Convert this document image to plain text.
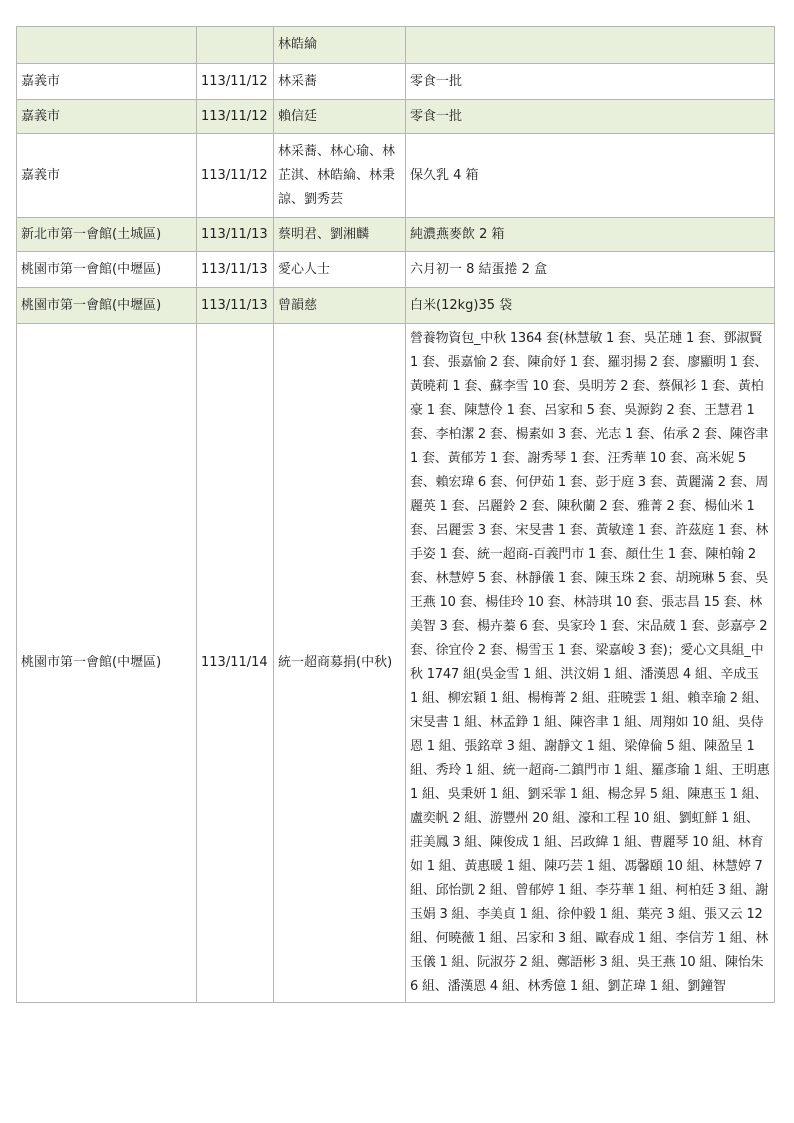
		林皓綸	
嘉義市	113/11/12	林采蕎	零食一批
嘉義市	113/11/12	賴信廷	零食一批
嘉義市	113/11/12	林采蕎、林心瑜、林芷淇、林皓綸、林秉諒、劉秀芸	保久乳 4 箱
新北市第一會館(土城區)	113/11/13	蔡明君、劉湘麟	純濃燕麥飲 2 箱
桃園市第一會館(中壢區)	113/11/13	愛心人士	六月初一 8 結蛋捲 2 盒
桃園市第一會館(中壢區)	113/11/13	曾韻慈	白米(12kg)35 袋
桃園市第一會館(中壢區)	113/11/14	統一超商募捐(中秋)	營養物資包_中秋 1364 套(林慧敏 1 套、吳芷璉 1 套、鄧淑賢 1 套、張嘉愉 2 套、陳俞妤 1 套、羅羽揚 2 套、廖顯明 1 套、黃曉莉 1 套、蘇李雪 10 套、吳明芳 2 套、蔡佩衫 1 套、黃柏豪 1 套、陳慧伶 1 套、呂家和 5 套、吳源鈞 2 套、王慧君 1 套、李柏潔 2 套、楊素如 3 套、光志 1 套、佑承 2 套、陳咨聿 1 套、黃郁芳 1 套、謝秀琴 1 套、汪秀華 10 套、高米妮 5 套、賴宏瑋 6 套、何伊茹 1 套、彭于庭 3 套、黃麗滿 2 套、周麗英 1 套、呂麗鈴 2 套、陳秋蘭 2 套、雅菁 2 套、楊仙米 1 套、呂麗雲 3 套、宋旻書 1 套、黃敏達 1 套、許茲庭 1 套、林手姿 1 套、統一超商-百義門市 1 套、顏仕生 1 套、陳柏翰 2 套、林慧婷 5 套、林靜儀 1 套、陳玉珠 2 套、胡琬琳 5 套、吳王燕 10 套、楊佳玲 10 套、林詩琪 10 套、張志昌 15 套、林美智 3 套、楊卉蓁 6 套、吳家玲 1 套、宋品葳 1 套、彭嘉亭 2 套、徐宜伶 2 套、楊雪玉 1 套、梁嘉峻 3 套)；愛心文具組_中秋 1747 組(吳金雪 1 組、洪汶娟 1 組、潘漢恩 4 組、辛成玉 1 組、柳宏穎 1 組、楊梅菁 2 組、莊曉雲 1 組、賴幸瑜 2 組、宋旻書 1 組、林孟錚 1 組、陳咨聿 1 組、周翔如 10 組、吳侍恩 1 組、張銘章 3 組、謝靜文 1 組、梁偉倫 5 組、陳盈呈 1 組、秀玲 1 組、統一超商-二鎮門市 1 組、羅彥瑜 1 組、王明惠 1 組、吳秉妍 1 組、劉采霏 1 組、楊念昇 5 組、陳惠玉 1 組、盧奕帆 2 組、游豐州 20 組、濠和工程 10 組、劉虹鮮 1 組、莊美鳳 3 組、陳俊成 1 組、呂政緯 1 組、曹麗琴 10 組、林育如 1 組、黃惠暖 1 組、陳巧芸 1 組、馮馨頤 10 組、林慧婷 7 組、邱怡凱 2 組、曾郁婷 1 組、李芬華 1 組、柯柏廷 3 組、謝玉娟 3 組、李美貞 1 組、徐仲毅 1 組、葉亮 3 組、張又云 12 組、何曉薇 1 組、呂家和 3 組、歐春成 1 組、李信芳 1 組、林玉儀 1 組、阮淑芬 2 組、鄭語彬 3 組、吳王燕 10 組、陳怡朱 6 組、潘漢恩 4 組、林秀億 1 組、劉芷瑋 1 組、劉鐘智
